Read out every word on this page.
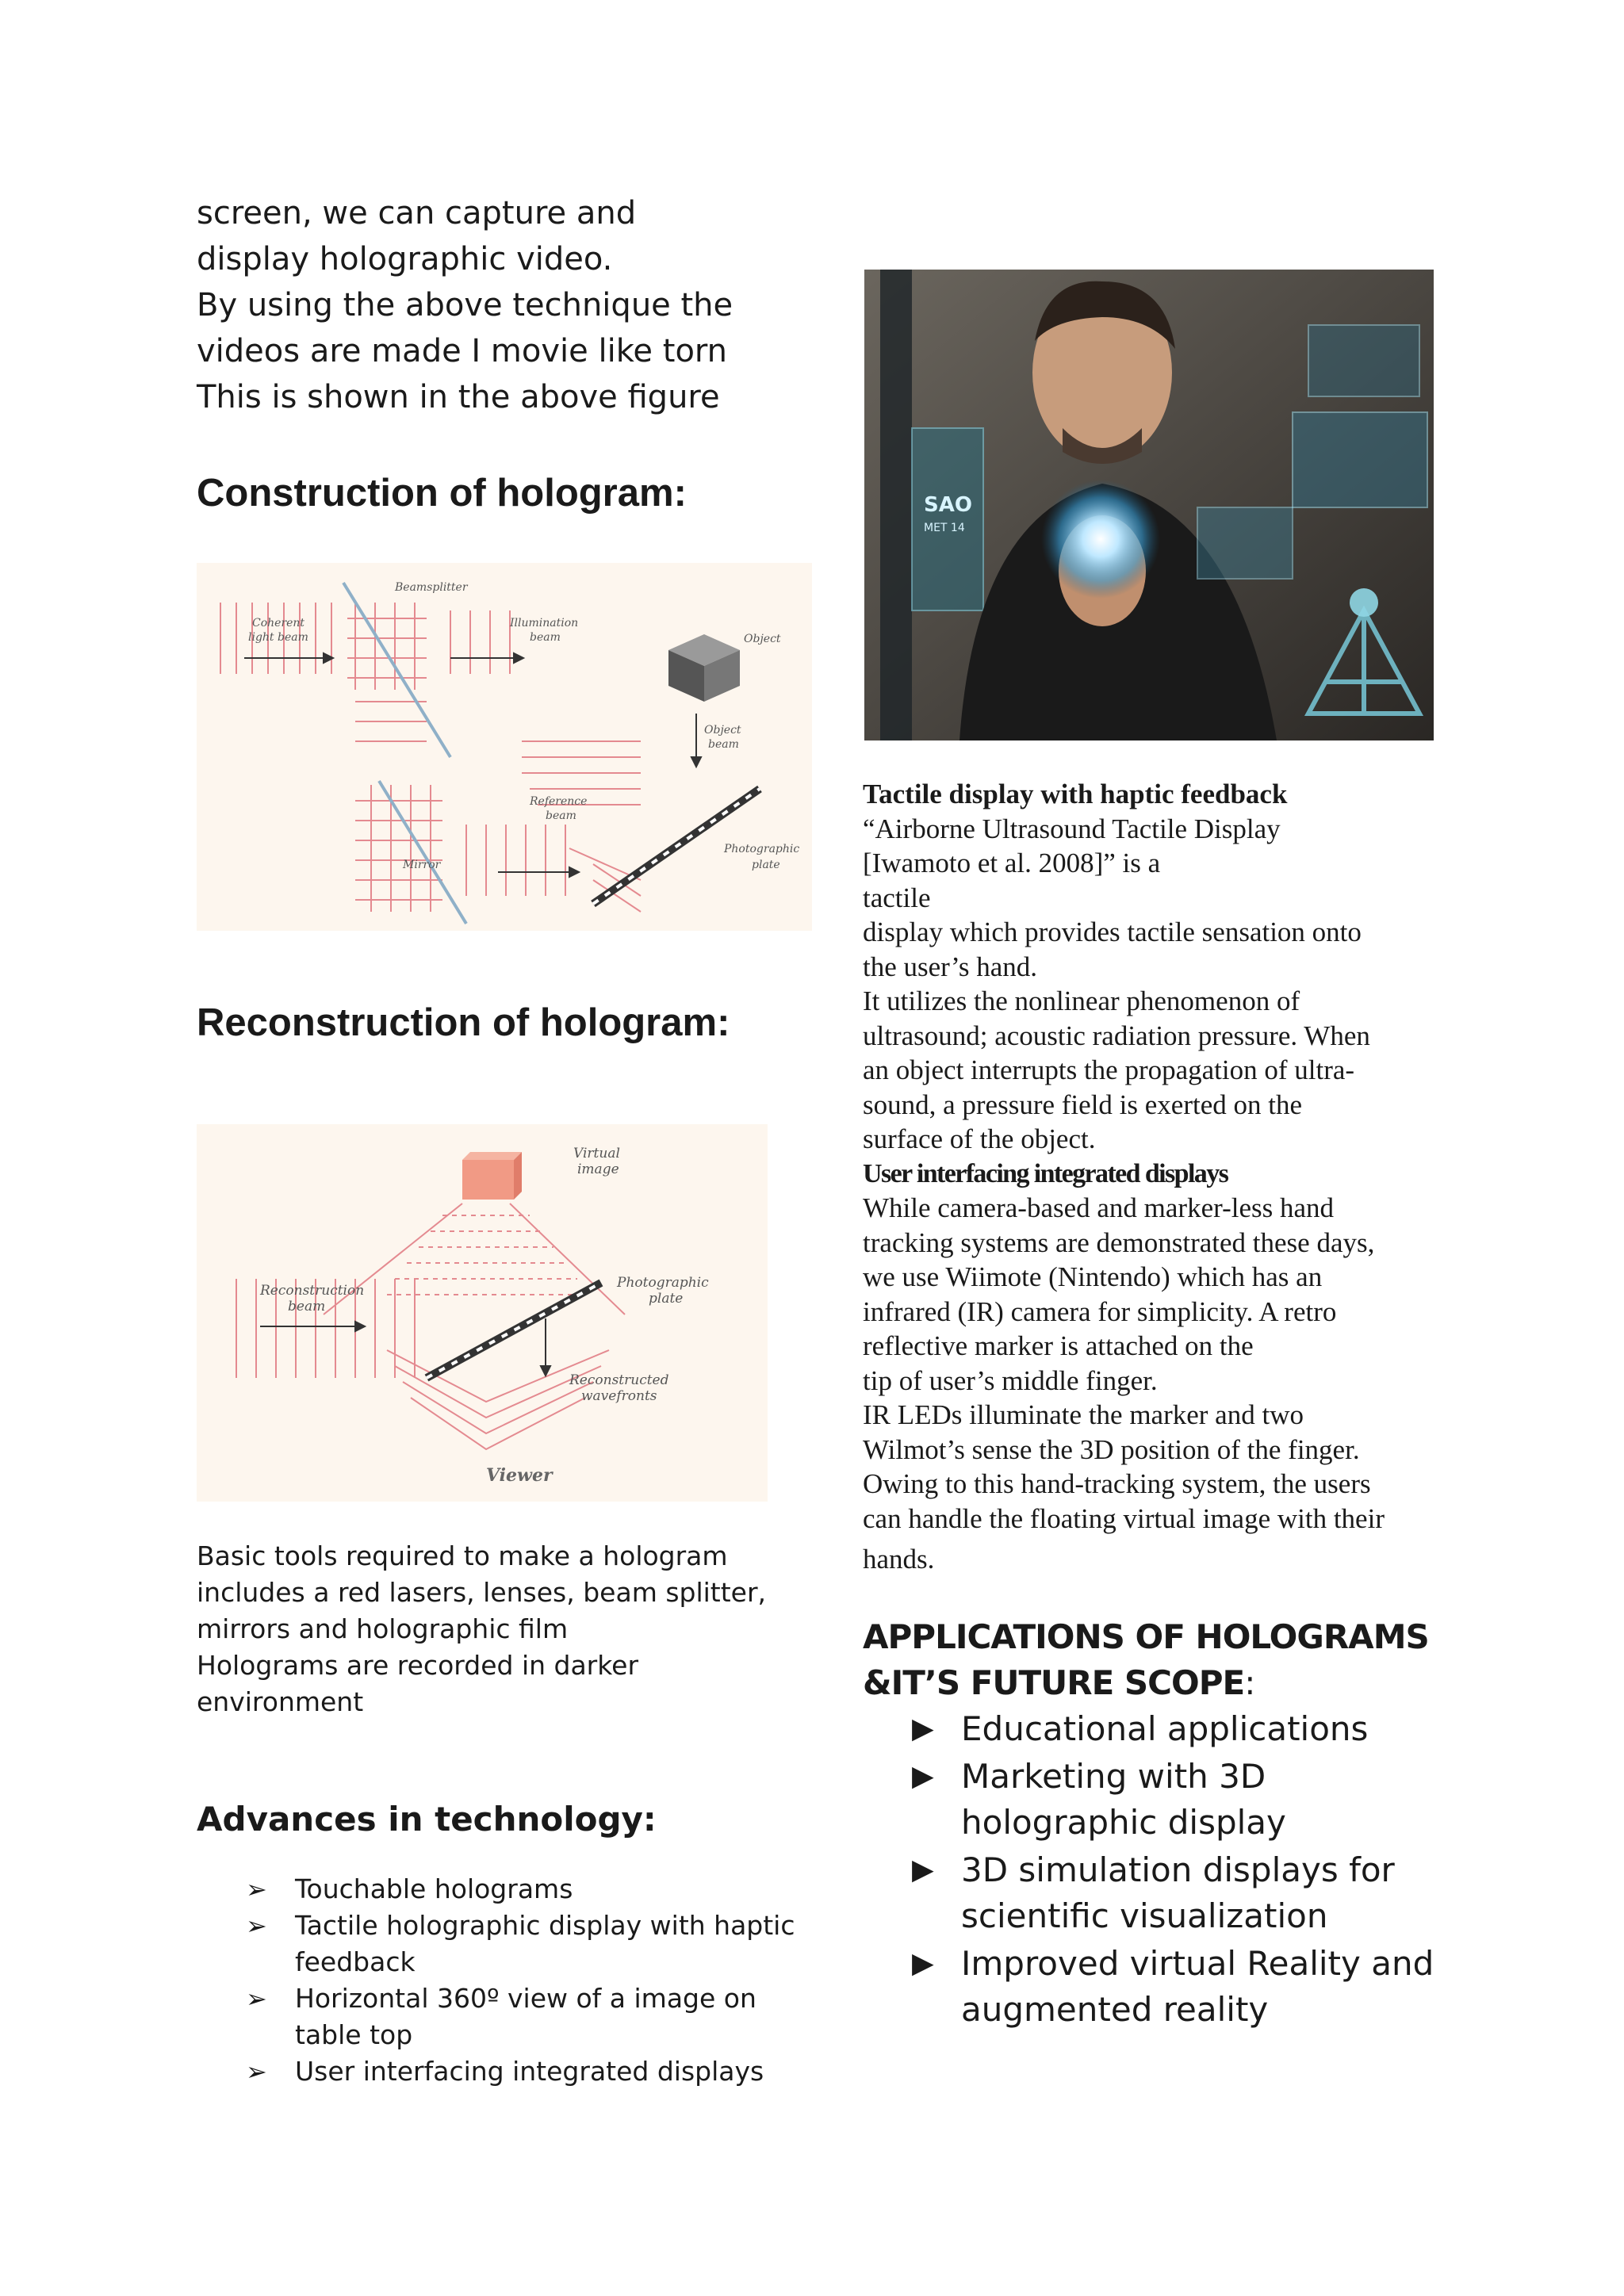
screen, we can capture and

display holographic video.

By using the above technique the

videos are made I movie like torn

This is shown in the above figure

Construction of hologram:
Beamsplitter
Coherent
light beam
Illumination
beam	Object
Object
beam
Reference
beam
Mirror
Photographic
plate
Reconstruction of hologram:
Virtual
image
Reconstruction
beam
Photographic
plate
Reconstructed
wavefronts
Viewer

Basic tools required to make a hologram

includes a red lasers, lenses, beam splitter,

mirrors and holographic film

Holograms are recorded in darker

environment

Advances in technology:
➢	Touchable holograms
➢	Tactile holographic display with haptic
feedback
➢	Horizontal 360º view of a image on
table top
➢	User interfacing integrated displays
SAO
MET 14

Tactile display with haptic feedback

“Airborne Ultrasound Tactile Display

[Iwamoto et al. 2008]” is a

tactile

display which provides tactile sensation onto

the user’s hand.

It utilizes the nonlinear phenomenon of

ultrasound; acoustic radiation pressure. When

an object interrupts the propagation of ultra-

sound, a pressure field is exerted on the

surface of the object.

User interfacing integrated displays

While camera-based and marker-less hand

tracking systems are demonstrated these days,

we use Wiimote (Nintendo) which has an

infrared (IR) camera for simplicity. A retro

reflective marker is attached on the

tip of user’s middle finger.

IR LEDs illuminate the marker and two

Wilmot’s sense the 3D position of the finger.

Owing to this hand-tracking system, the users

can handle the floating virtual image with their

hands.

APPLICATIONS OF HOLOGRAMS
&IT’S FUTURE SCOPE:
▶ Educational applications
▶ Marketing with 3D
holographic display
▶ 3D simulation displays for
scientific visualization
▶ Improved virtual Reality and
augmented reality
